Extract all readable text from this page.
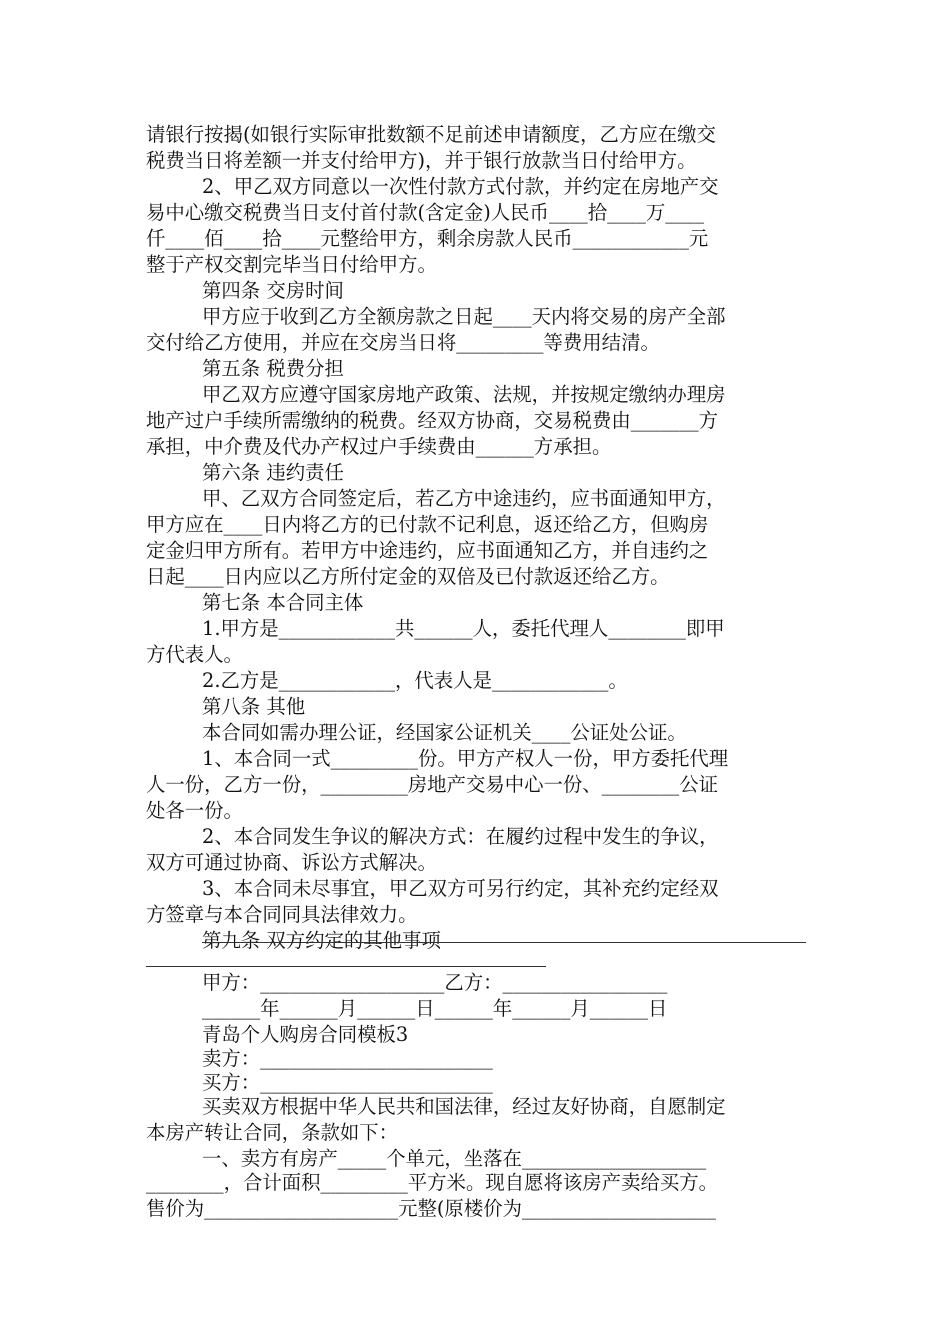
请银行按揭(如银行实际审批数额不足前述申请额度，乙方应在缴交
税费当日将差额一并支付给甲方)，并于银行放款当日付给甲方。
2、甲乙双方同意以一次性付款方式付款，并约定在房地产交
易中心缴交税费当日支付首付款(含定金)人民币____拾____万____
仟____佰____拾____元整给甲方，剩余房款人民币____________元
整于产权交割完毕当日付给甲方。
第四条 交房时间
甲方应于收到乙方全额房款之日起____天内将交易的房产全部
交付给乙方使用，并应在交房当日将_________等费用结清。
第五条 税费分担
甲乙双方应遵守国家房地产政策、法规，并按规定缴纳办理房
地产过户手续所需缴纳的税费。经双方协商，交易税费由_______方
承担，中介费及代办产权过户手续费由______方承担。
第六条 违约责任
甲、乙双方合同签定后，若乙方中途违约，应书面通知甲方，
甲方应在____日内将乙方的已付款不记利息，返还给乙方，但购房
定金归甲方所有。若甲方中途违约，应书面通知乙方，并自违约之
日起____日内应以乙方所付定金的双倍及已付款返还给乙方。
第七条 本合同主体
1.甲方是____________共______人，委托代理人________即甲
方代表人。
2.乙方是____________，代表人是____________。
第八条 其他
本合同如需办理公证，经国家公证机关____公证处公证。
1、本合同一式_________份。甲方产权人一份，甲方委托代理
人一份，乙方一份，_________房地产交易中心一份、________公证
处各一份。
2、本合同发生争议的解决方式：在履约过程中发生的争议，
双方可通过协商、诉讼方式解决。
3、本合同未尽事宜，甲乙双方可另行约定，其补充约定经双
方签章与本合同同具法律效力。
第九条 双方约定的其他事项
甲方：___________________乙方：_________________
______年______月______日______年______月______日
青岛个人购房合同模板3
卖方：________________________
买方：________________________
买卖双方根据中华人民共和国法律，经过友好协商，自愿制定
本房产转让合同，条款如下：
一、卖方有房产_____个单元，坐落在___________________
________，合计面积_________平方米。现自愿将该房产卖给买方。
售价为____________________元整(原楼价为____________________
